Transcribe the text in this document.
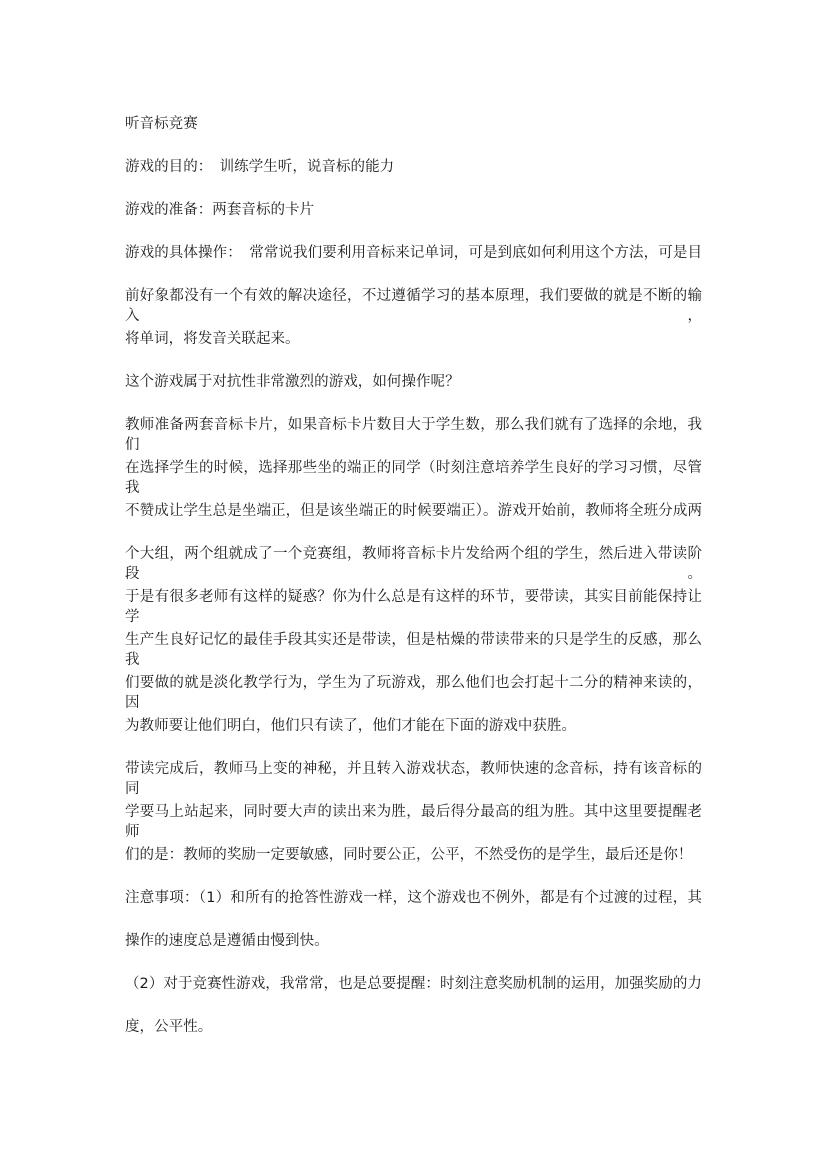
听音标竞赛
游戏的目的：　训练学生听，说音标的能力
游戏的准备：两套音标的卡片
游戏的具体操作：　常常说我们要利用音标来记单词，可是到底如何利用这个方法，可是目
前好象都没有一个有效的解决途径，不过遵循学习的基本原理，我们要做的就是不断的输入，
将单词，将发音关联起来。
这个游戏属于对抗性非常激烈的游戏，如何操作呢？
教师准备两套音标卡片，如果音标卡片数目大于学生数，那么我们就有了选择的余地，我们
在选择学生的时候，选择那些坐的端正的同学（时刻注意培养学生良好的学习习惯，尽管我
不赞成让学生总是坐端正，但是该坐端正的时候要端正）。游戏开始前，教师将全班分成两
个大组，两个组就成了一个竞赛组，教师将音标卡片发给两个组的学生，然后进入带读阶段。
于是有很多老师有这样的疑惑？你为什么总是有这样的环节，要带读，其实目前能保持让学
生产生良好记忆的最佳手段其实还是带读，但是枯燥的带读带来的只是学生的反感，那么我
们要做的就是淡化教学行为，学生为了玩游戏，那么他们也会打起十二分的精神来读的，因
为教师要让他们明白，他们只有读了，他们才能在下面的游戏中获胜。
带读完成后，教师马上变的神秘，并且转入游戏状态，教师快速的念音标，持有该音标的同
学要马上站起来，同时要大声的读出来为胜，最后得分最高的组为胜。其中这里要提醒老师
们的是：教师的奖励一定要敏感，同时要公正，公平，不然受伤的是学生，最后还是你！
注意事项：（1）和所有的抢答性游戏一样，这个游戏也不例外，都是有个过渡的过程，其
操作的速度总是遵循由慢到快。
（2）对于竞赛性游戏，我常常，也是总要提醒：时刻注意奖励机制的运用，加强奖励的力
度，公平性。
